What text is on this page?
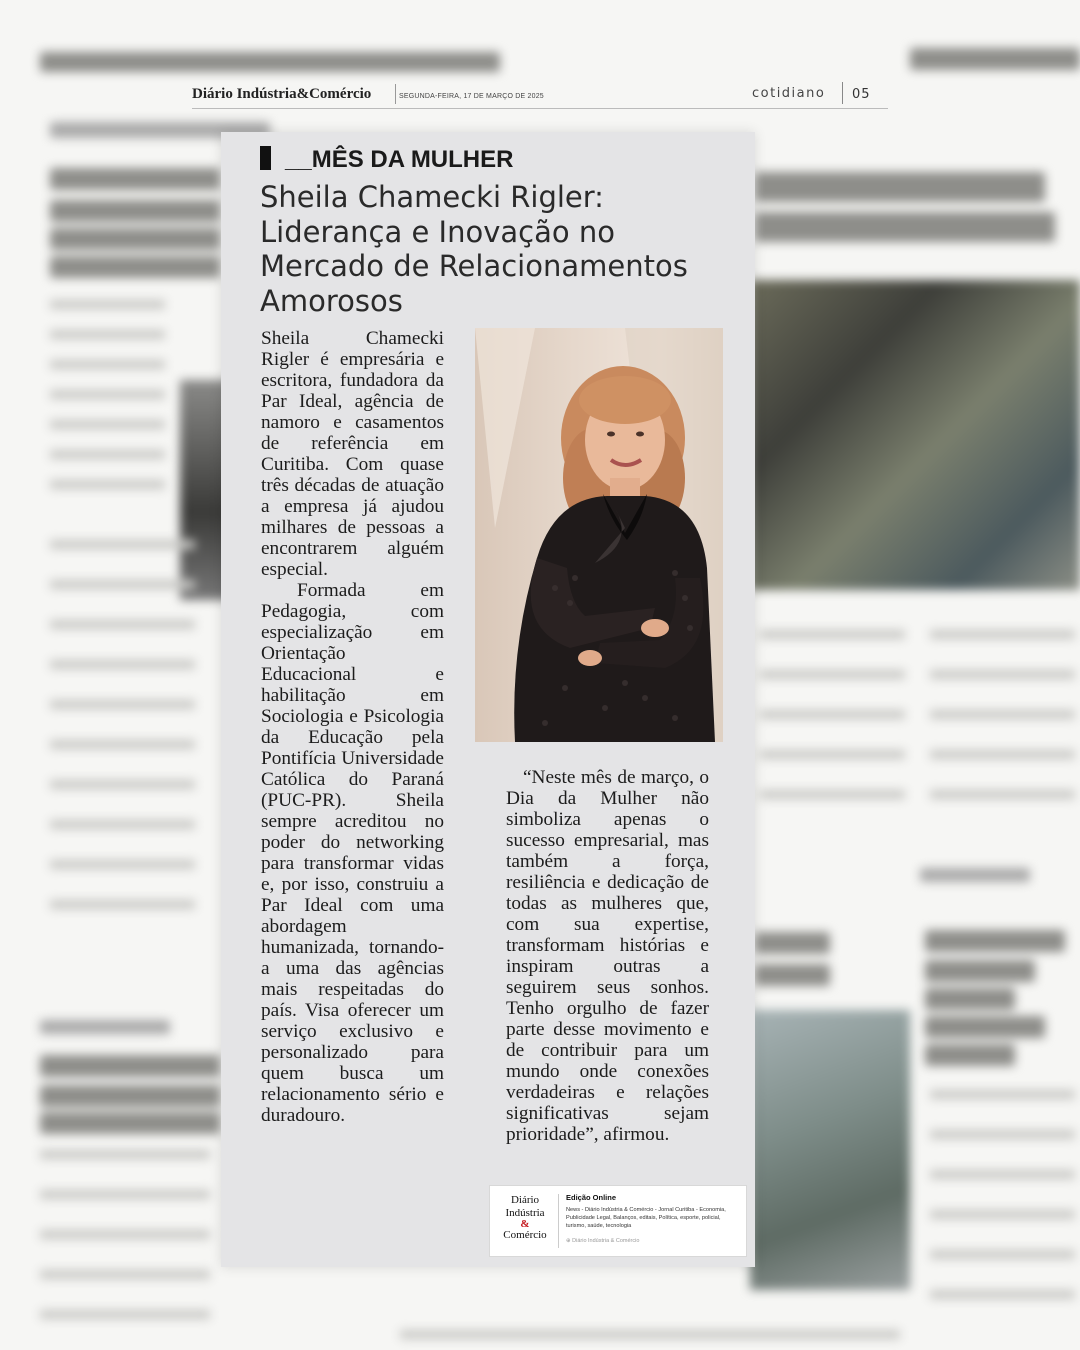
Diário Indústria&Comércio	SEGUNDA-FEIRA, 17 DE MARÇO DE 2025	cotidiano 05
__MÊS DA MULHER
Sheila Chamecki Rigler: Liderança e Inovação no Mercado de Relacionamentos Amorosos

Sheila Chamecki Rigler é empresária e escritora, fundadora da Par Ideal, agência de namoro e casamentos de referência em Curitiba. Com quase três décadas de atuação a empresa já ajudou milhares de pessoas a encontrarem alguém especial.

Formada em Pedagogia, com especialização em Orientação Educacional e habilitação em Sociologia e Psicologia da Educação pela Pontifícia Universidade Católica do Paraná (PUC-PR). Sheila sempre acreditou no poder do networking para transformar vidas e, por isso, construiu a Par Ideal com uma abordagem humanizada, tornando-a uma das agências mais respeitadas do país. Visa oferecer um serviço exclusivo e personalizado para quem busca um relacionamento sério e duradouro.

“Neste mês de março, o Dia da Mulher não simboliza apenas o sucesso empresarial, mas também a força, resiliência e dedicação de todas as mulheres que, com sua expertise, transformam histórias e inspiram outras a seguirem seus sonhos. Tenho orgulho de fazer parte desse movimento e de contribuir para um mundo onde conexões verdadeiras e relações significativas sejam prioridade”, afirmou.

Diário
Indústria
&
Comércio
Edição Online
News - Diário Indústria & Comércio - Jornal Curitiba - Economia, Publicidade Legal, Balanços, editais, Política, esporte, policial, turismo, saúde, tecnologia
⊕ Diário Indústria & Comércio
